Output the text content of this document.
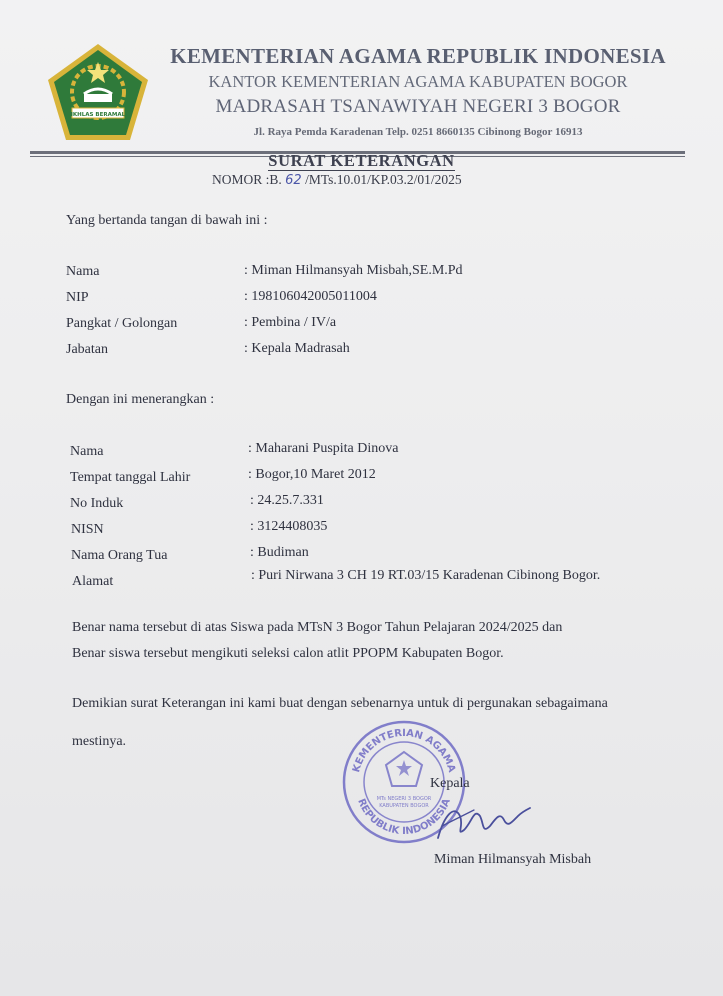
IKHLAS BERAMAL
KEMENTERIAN AGAMA REPUBLIK INDONESIA
KANTOR KEMENTERIAN AGAMA KABUPATEN BOGOR
MADRASAH TSANAWIYAH NEGERI 3 BOGOR
Jl. Raya Pemda Karadenan Telp. 0251 8660135 Cibinong Bogor 16913
SURAT KETERANGAN
NOMOR :B. 62 /MTs.10.01/KP.03.2/01/2025
Yang bertanda tangan di bawah ini :
Nama	: Miman Hilmansyah Misbah,SE.M.Pd
NIP	: 198106042005011004
Pangkat / Golongan	: Pembina / IV/a
Jabatan	: Kepala Madrasah
Dengan ini menerangkan :
Nama	: Maharani Puspita Dinova
Tempat tanggal Lahir	: Bogor,10 Maret 2012
No Induk	: 24.25.7.331
NISN	: 3124408035
Nama Orang Tua	: Budiman
Alamat	: Puri Nirwana 3 CH 19 RT.03/15 Karadenan Cibinong Bogor.
Benar nama tersebut di atas Siswa pada MTsN 3 Bogor Tahun Pelajaran 2024/2025 dan
Benar siswa tersebut mengikuti seleksi calon atlit PPOPM Kabupaten Bogor.
Demikian surat Keterangan ini kami buat dengan sebenarnya untuk di pergunakan sebagaimana
mestinya.
KEMENTERIAN AGAMA
REPUBLIK INDONESIA
MTs NEGERI 3 BOGOR
KABUPATEN BOGOR
Kepala
Miman Hilmansyah Misbah
